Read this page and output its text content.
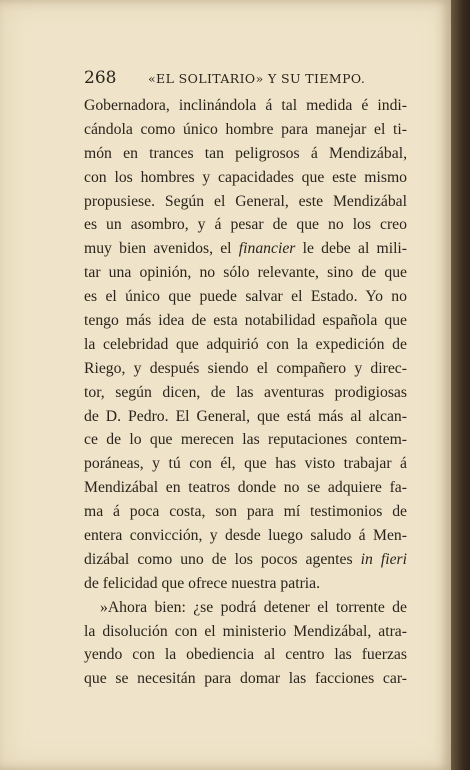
268	«EL SOLITARIO» Y SU TIEMPO.
Gobernadora, inclinándola á tal medida é indi-
cándola como único hombre para manejar el ti-
món en trances tan peligrosos á Mendizábal,
con los hombres y capacidades que este mismo
propusiese. Según el General, este Mendizábal
es un asombro, y á pesar de que no los creo
muy bien avenidos, el financier le debe al mili-
tar una opinión, no sólo relevante, sino de que
es el único que puede salvar el Estado. Yo no
tengo más idea de esta notabilidad española que
la celebridad que adquirió con la expedición de
Riego, y después siendo el compañero y direc-
tor, según dicen, de las aventuras prodigiosas
de D. Pedro. El General, que está más al alcan-
ce de lo que merecen las reputaciones contem-
poráneas, y tú con él, que has visto trabajar á
Mendizábal en teatros donde no se adquiere fa-
ma á poca costa, son para mí testimonios de
entera convicción, y desde luego saludo á Men-
dizábal como uno de los pocos agentes in fieri
de felicidad que ofrece nuestra patria.
»Ahora bien: ¿se podrá detener el torrente de
la disolución con el ministerio Mendizábal, atra-
yendo con la obediencia al centro las fuerzas
que se necesitán para domar las facciones car-
